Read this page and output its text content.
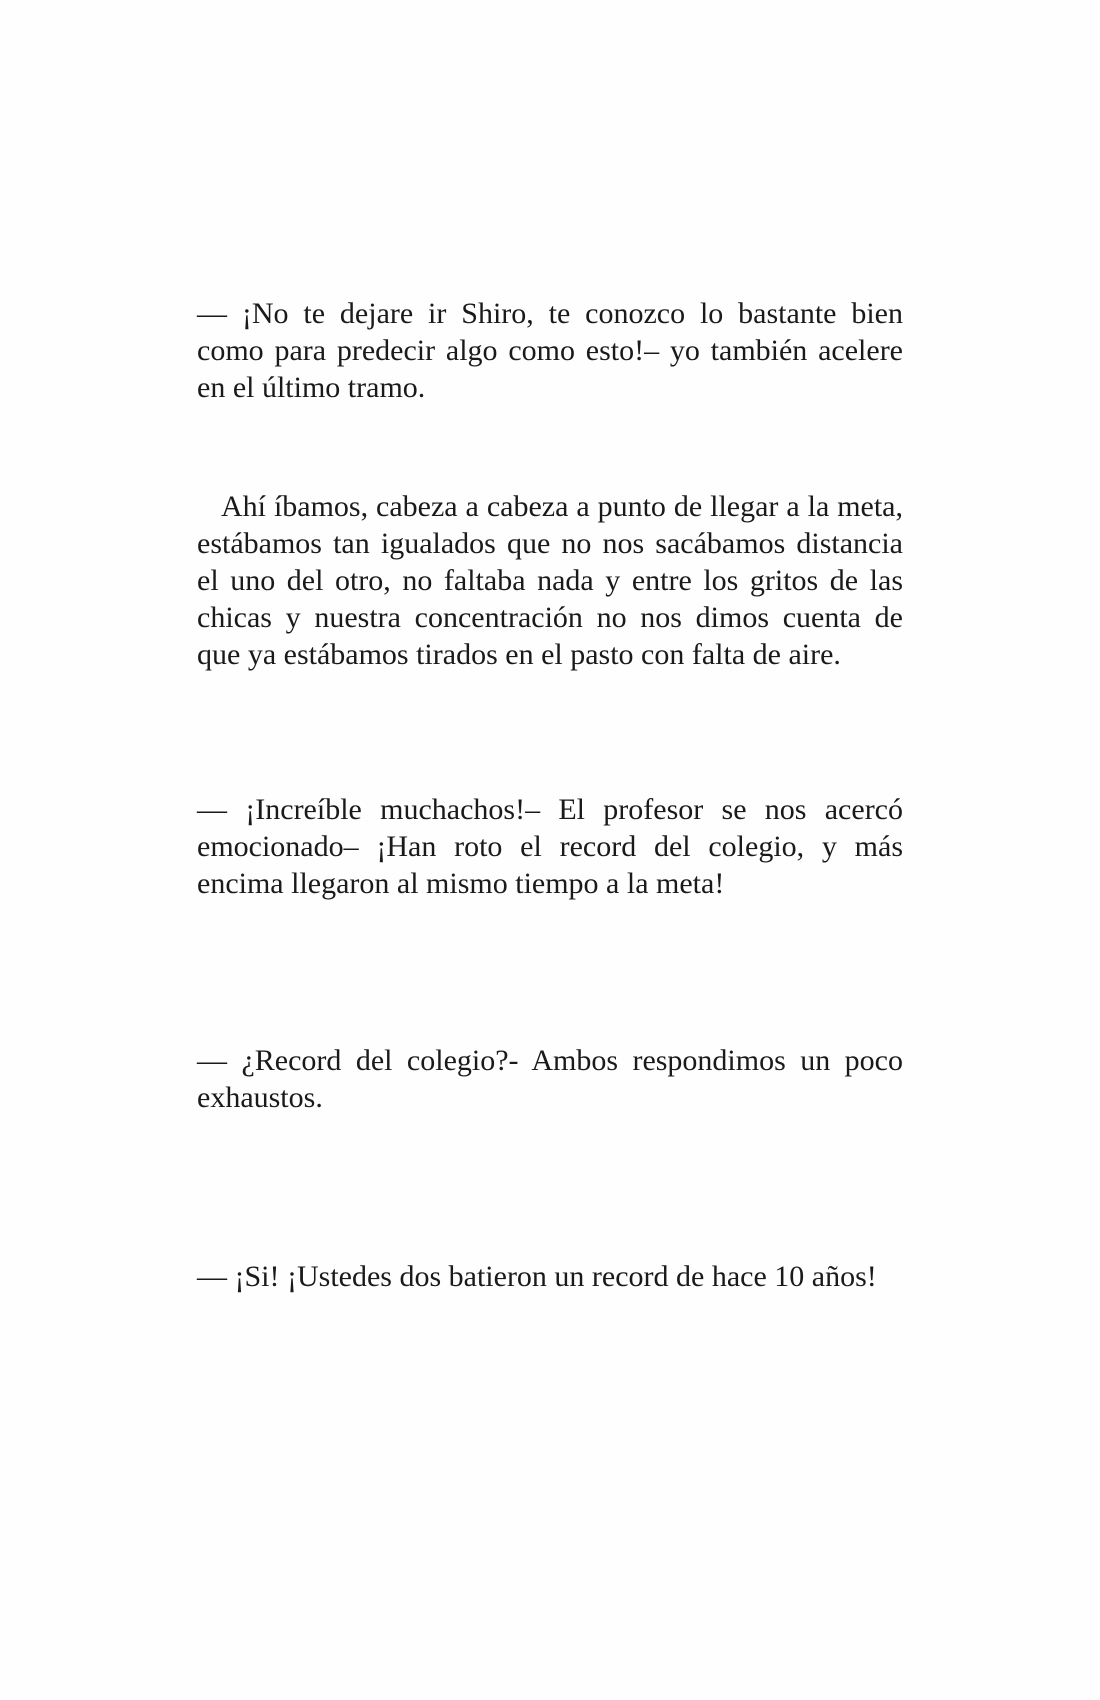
— ¡No te dejare ir Shiro, te conozco lo bastante bien como para predecir algo como esto!– yo también acelere en el último tramo.

Ahí íbamos, cabeza a cabeza a punto de llegar a la meta, estábamos tan igualados que no nos sacábamos distancia el uno del otro, no faltaba nada y entre los gritos de las chicas y nuestra concentración no nos dimos cuenta de que ya estábamos tirados en el pasto con falta de aire.

— ¡Increíble muchachos!– El profesor se nos acercó emocionado– ¡Han roto el record del colegio, y más encima llegaron al mismo tiempo a la meta!

— ¿Record del colegio?- Ambos respondimos un poco exhaustos.

— ¡Si! ¡Ustedes dos batieron un record de hace 10 años!
